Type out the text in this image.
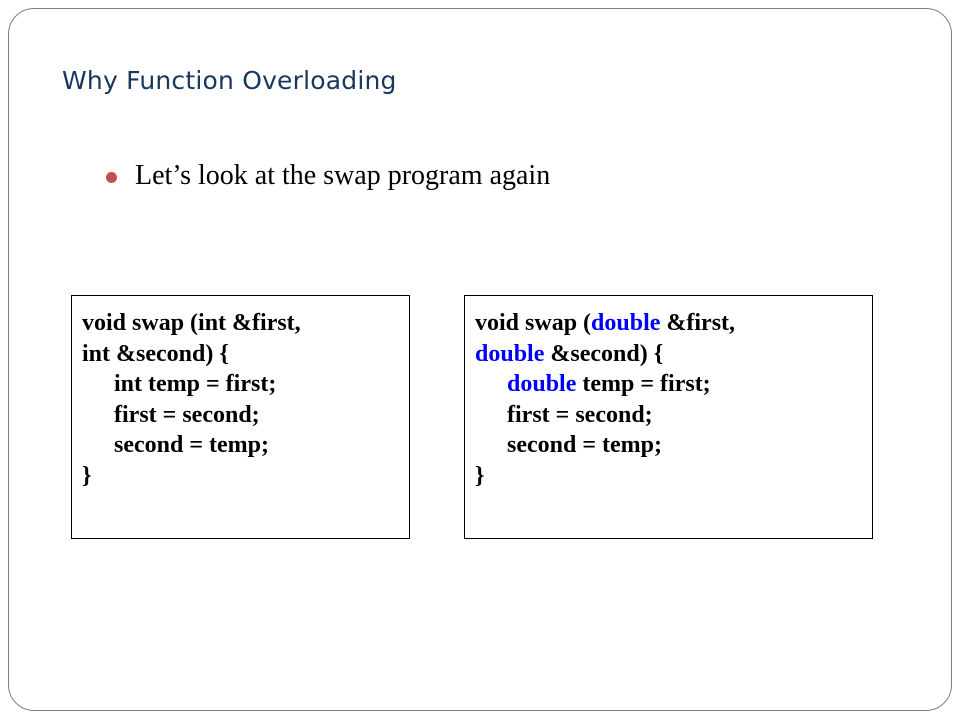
Why Function Overloading
Let’s look at the swap program again
void swap (int &first,
int &second) {
int temp = first;
first = second;
second = temp;
}
void swap (double &first,
double &second) {
double temp = first;
first = second;
second = temp;
}
